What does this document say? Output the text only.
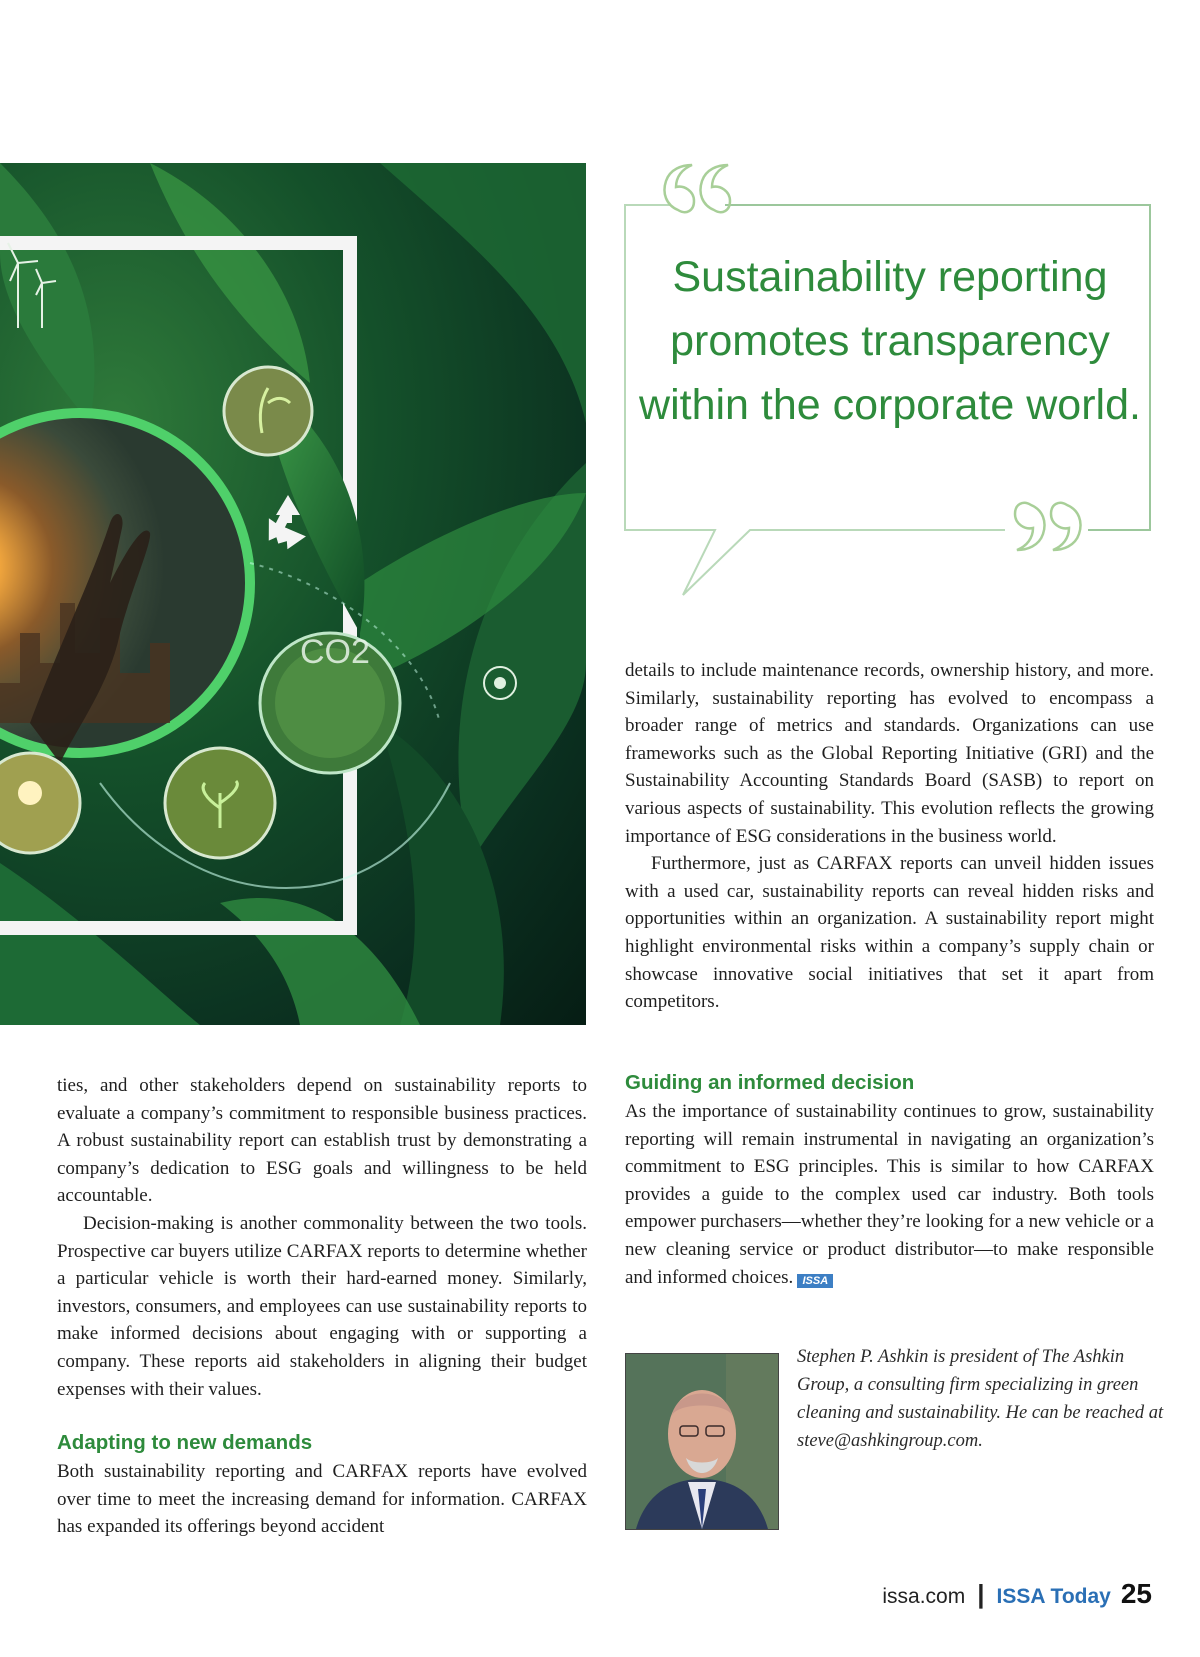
CO2

Sustainability reporting promotes transparency within the corporate world.

details to include maintenance records, ownership history, and more. Similarly, sustainability reporting has evolved to encompass a broader range of metrics and standards. Organizations can use frameworks such as the Global Reporting Initiative (GRI) and the Sustainability Accounting Standards Board (SASB) to report on various aspects of sustainability. This evolution reflects the growing importance of ESG considerations in the business world.

Furthermore, just as CARFAX reports can unveil hidden issues with a used car, sustainability reports can reveal hidden risks and opportunities within an organization. A sustainability report might highlight environmental risks within a company’s supply chain or showcase innovative social initiatives that set it apart from competitors.

ties, and other stakeholders depend on sustainability reports to evaluate a company’s commitment to responsible business practices. A robust sustainability report can establish trust by demonstrating a company’s dedication to ESG goals and willingness to be held accountable.

Decision-making is another commonality between the two tools. Prospective car buyers utilize CARFAX reports to determine whether a particular vehicle is worth their hard-earned money. Similarly, investors, consumers, and employees can use sustainability reports to make informed decisions about engaging with or supporting a company. These reports aid stakeholders in aligning their budget expenses with their values.

Adapting to new demands

Both sustainability reporting and CARFAX reports have evolved over time to meet the increasing demand for information. CARFAX has expanded its offerings beyond accident

Guiding an informed decision

As the importance of sustainability continues to grow, sustainability reporting will remain instrumental in navigating an organization’s commitment to ESG principles. This is similar to how CARFAX provides a guide to the complex used car industry. Both tools empower purchasers—whether they’re looking for a new vehicle or a new cleaning service or product distributor—to make responsible and informed choices. ISSA

Stephen P. Ashkin is president of The Ashkin Group, a consulting firm specializing in green cleaning and sustainability. He can be reached at steve@ashkingroup.com.

issa.com | ISSA Today 25
